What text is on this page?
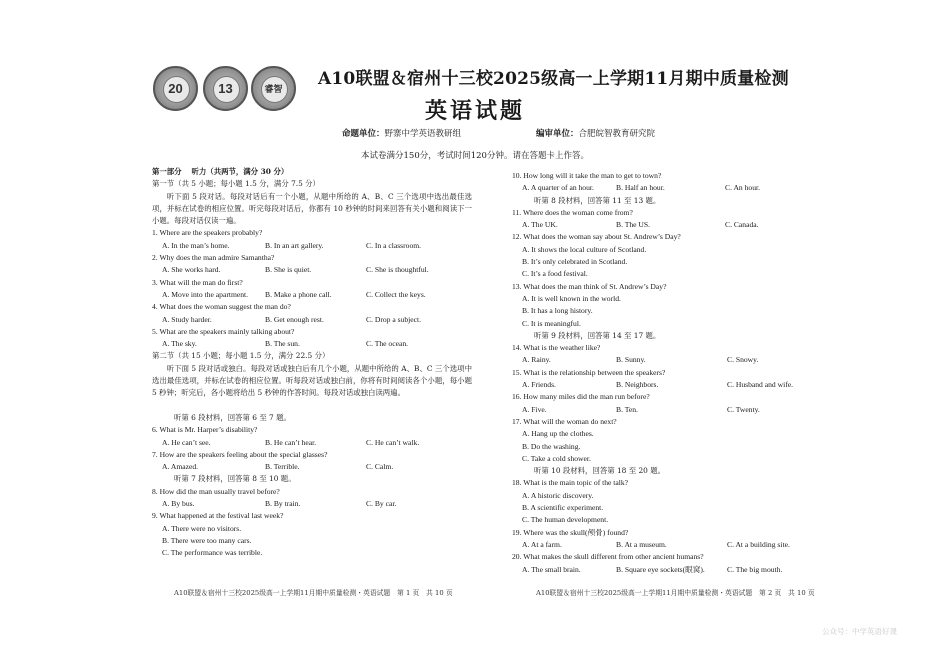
20	13	睿智	A10联盟＆宿州十三校2025级高一上学期11月期中质量检测
英语试题
命题单位：野寨中学英语教研组	编审单位：合肥皖智教育研究院
本试卷满分150分，考试时间120分钟。请在答题卡上作答。
第一部分　 听力（共两节，满分 30 分）
第一节（共 5 小题；每小题 1.5 分，满分 7.5 分）
听下面 5 段对话。每段对话后有一个小题，从题中所给的 A、B、C 三个选项中选出最佳选项，并标在试卷的相应位置。听完每段对话后，你都有 10 秒钟的时间来回答有关小题和阅读下一小题。每段对话仅读一遍。
1. Where are the speakers probably?
A. In the man’s home.	B. In an art gallery.	C. In a classroom.
2. Why does the man admire Samantha?
A. She works hard.	B. She is quiet.	C. She is thoughtful.
3. What will the man do first?
A. Move into the apartment.	B. Make a phone call.	C. Collect the keys.
4. What does the woman suggest the man do?
A. Study harder.	B. Get enough rest.	C. Drop a subject.
5. What are the speakers mainly talking about?
A. The sky.	B. The sun.	C. The ocean.
第二节（共 15 小题；每小题 1.5 分，满分 22.5 分）
听下面 5 段对话或独白。每段对话或独白后有几个小题，从题中所给的 A、B、C 三个选项中选出最佳选项，并标在试卷的相应位置。听每段对话或独白前，你将有时间阅读各个小题，每小题 5 秒钟；听完后，各小题将给出 5 秒钟的作答时间。每段对话或独白读两遍。
听第 6 段材料，回答第 6 至 7 题。
6. What is Mr. Harper’s disability?
A. He can’t see.	B. He can’t hear.	C. He can’t walk.
7. How are the speakers feeling about the special glasses?
A. Amazed.	B. Terrible.	C. Calm.
听第 7 段材料，回答第 8 至 10 题。
8. How did the man usually travel before?
A. By bus.	B. By train.	C. By car.
9. What happened at the festival last week?
A. There were no visitors.
B. There were too many cars.
C. The performance was terrible.
10. How long will it take the man to get to town?
A. A quarter of an hour.	B. Half an hour.	C. An hour.
听第 8 段材料，回答第 11 至 13 题。
11. Where does the woman come from?
A. The UK.	B. The US.	C. Canada.
12. What does the woman say about St. Andrew’s Day?
A. It shows the local culture of Scotland.
B. It’s only celebrated in Scotland.
C. It’s a food festival.
13. What does the man think of St. Andrew’s Day?
A. It is well known in the world.
B. It has a long history.
C. It is meaningful.
听第 9 段材料，回答第 14 至 17 题。
14. What is the weather like?
A. Rainy.	B. Sunny.	C. Snowy.
15. What is the relationship between the speakers?
A. Friends.	B. Neighbors.	C. Husband and wife.
16. How many miles did the man run before?
A. Five.	B. Ten.	C. Twenty.
17. What will the woman do next?
A. Hang up the clothes.
B. Do the washing.
C. Take a cold shower.
听第 10 段材料，回答第 18 至 20 题。
18. What is the main topic of the talk?
A. A historic discovery.
B. A scientific experiment.
C. The human development.
19. Where was the skull(颅骨) found?
A. At a farm.	B. At a museum.	C. At a building site.
20. What makes the skull different from other ancient humans?
A. The small brain.	B. Square eye sockets(眼窝).	C. The big mouth.
A10联盟＆宿州十三校2025级高一上学期11月期中质量检测・英语试题　第 1 页　共 10 页	A10联盟＆宿州十三校2025级高一上学期11月期中质量检测・英语试题　第 2 页　共 10 页
公众号：中学英语好课
